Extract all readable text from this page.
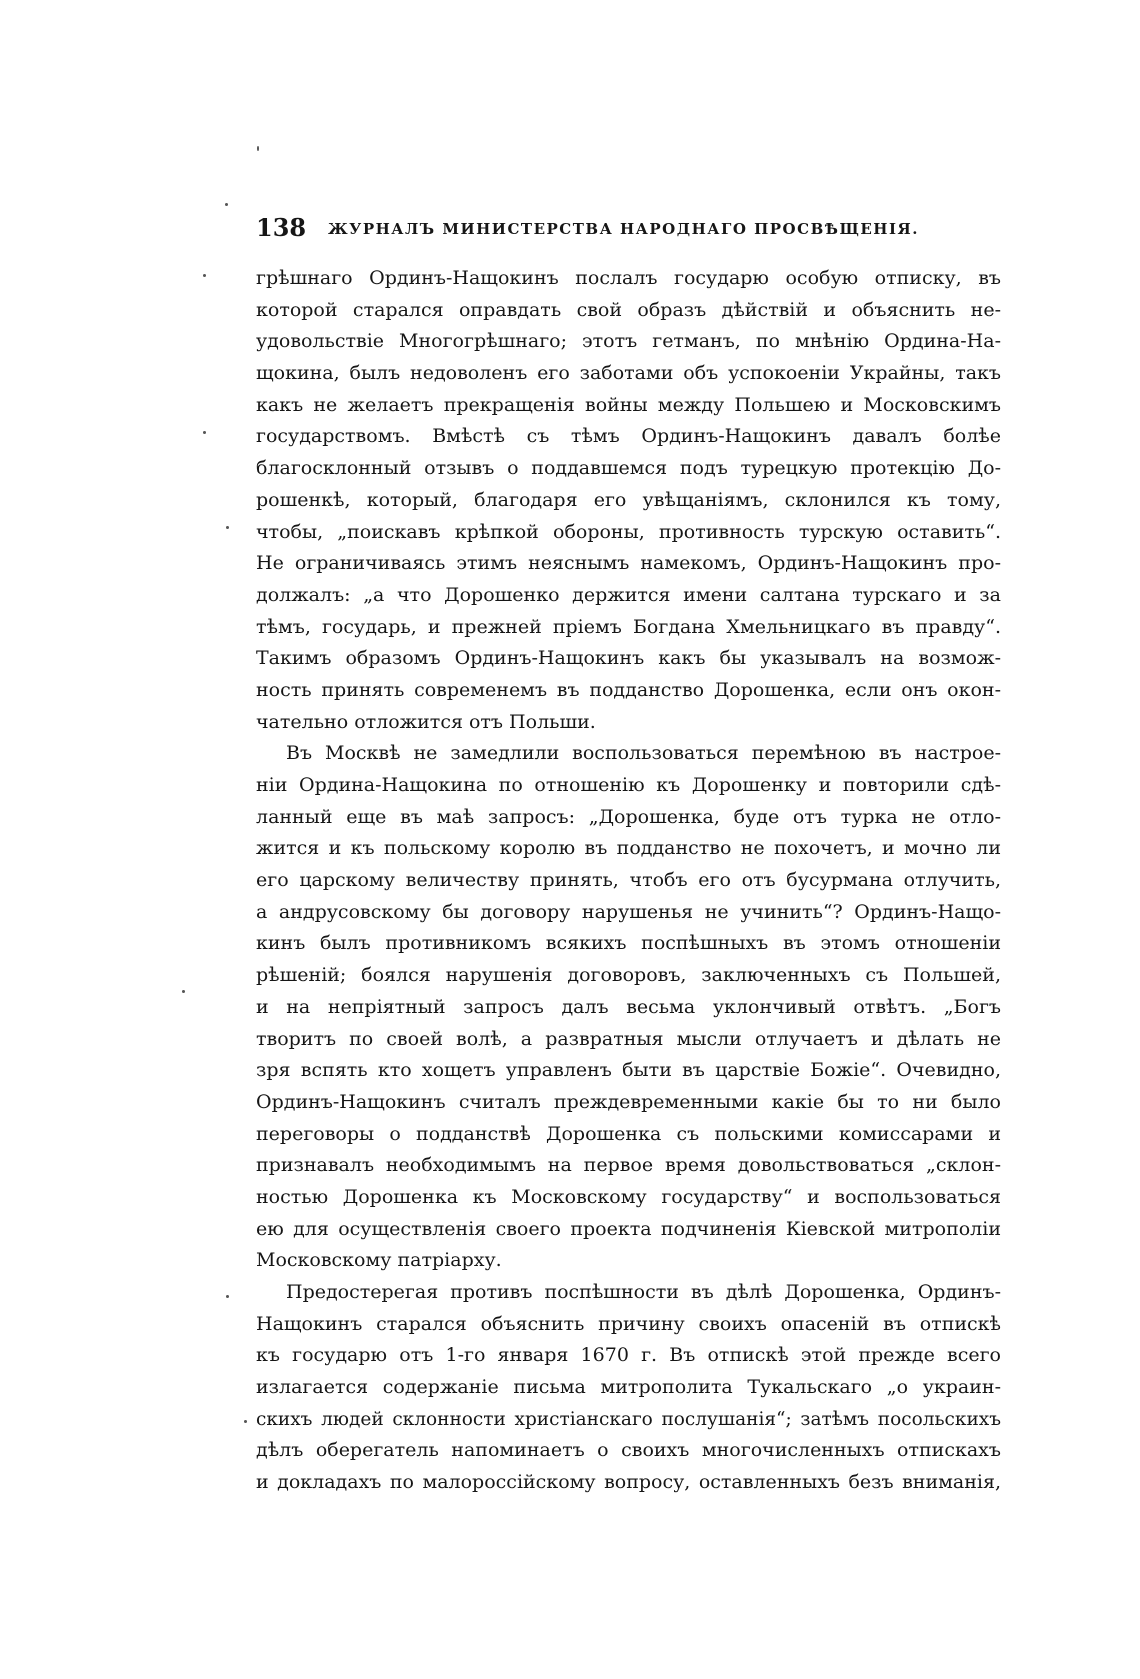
138 ЖУРНАЛЪ МИНИСТЕРСТВА НАРОДНАГО ПРОСВѢЩЕНІЯ.
грѣшнаго Ординъ-Нащокинъ послалъ государю особую отписку, въ
которой старался оправдать свой образъ дѣйствій и объяснить не-
удовольствіе Многогрѣшнаго; этотъ гетманъ, по мнѣнію Ордина-На-
щокина, былъ недоволенъ его заботами объ успокоеніи Украйны, такъ
какъ не желаетъ прекращенія войны между Польшею и Московскимъ
государствомъ. Вмѣстѣ съ тѣмъ Ординъ-Нащокинъ давалъ болѣе
благосклонный отзывъ о поддавшемся подъ турецкую протекцію До-
рошенкѣ, который, благодаря его увѣщаніямъ, склонился къ тому,
чтобы, „поискавъ крѣпкой обороны, противность турскую оставить“.
Не ограничиваясь этимъ неяснымъ намекомъ, Ординъ-Нащокинъ про-
должалъ: „а что Дорошенко держится имени салтана турскаго и за
тѣмъ, государь, и прежней пріемъ Богдана Хмельницкаго въ правду“.
Такимъ образомъ Ординъ-Нащокинъ какъ бы указывалъ на возмож-
ность принять современемъ въ подданство Дорошенка, если онъ окон-
чательно отложится отъ Польши.
Въ Москвѣ не замедлили воспользоваться перемѣною въ настрое-
ніи Ордина-Нащокина по отношенію къ Дорошенку и повторили сдѣ-
ланный еще въ маѣ запросъ: „Дорошенка, буде отъ турка не отло-
жится и къ польскому королю въ подданство не похочетъ, и мочно ли
его царскому величеству принять, чтобъ его отъ бусурмана отлучить,
а андрусовскому бы договору нарушенья не учинить“? Ординъ-Нащо-
кинъ былъ противникомъ всякихъ поспѣшныхъ въ этомъ отношеніи
рѣшеній; боялся нарушенія договоровъ, заключенныхъ съ Польшей,
и на непріятный запросъ далъ весьма уклончивый отвѣтъ. „Богъ
творитъ по своей волѣ, а развратныя мысли отлучаетъ и дѣлать не
зря вспять кто хощетъ управленъ быти въ царствіе Божіе“. Очевидно,
Ординъ-Нащокинъ считалъ преждевременными какіе бы то ни было
переговоры о подданствѣ Дорошенка съ польскими комиссарами и
признавалъ необходимымъ на первое время довольствоваться „склон-
ностью Дорошенка къ Московскому государству“ и воспользоваться
ею для осуществленія своего проекта подчиненія Кіевской митрополіи
Московскому патріарху.
Предостерегая противъ поспѣшности въ дѣлѣ Дорошенка, Ординъ-
Нащокинъ старался объяснить причину своихъ опасеній въ отпискѣ
къ государю отъ 1-го января 1670 г. Въ отпискѣ этой прежде всего
излагается содержаніе письма митрополита Тукальскаго „о украин-
скихъ людей склонности христіанскаго послушанія“; затѣмъ посольскихъ
дѣлъ оберегатель напоминаетъ о своихъ многочисленныхъ отпискахъ
и докладахъ по малороссійскому вопросу, оставленныхъ безъ вниманія,
